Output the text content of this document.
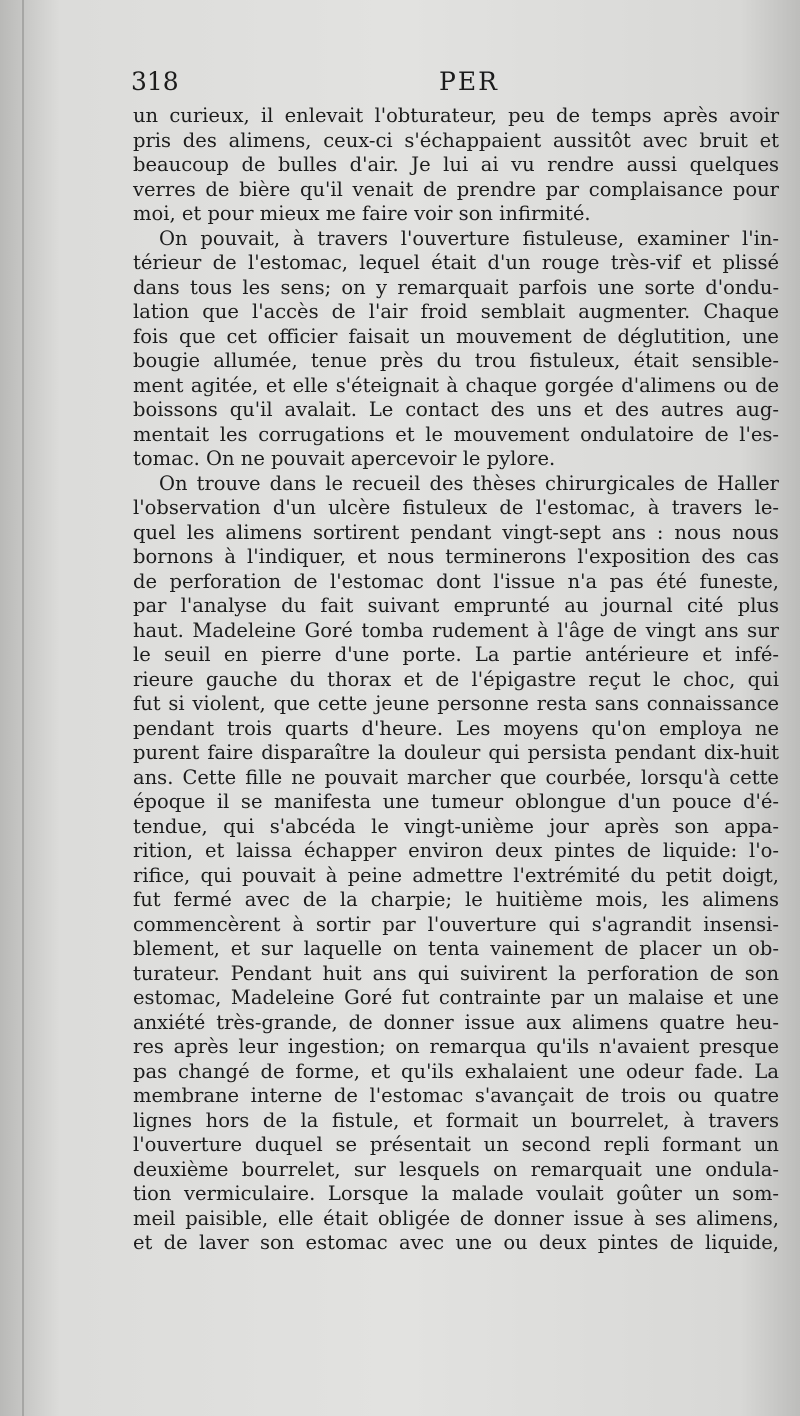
318	PER
un curieux, il enlevait l'obturateur, peu de temps après avoir
pris des alimens, ceux-ci s'échappaient aussitôt avec bruit et
beaucoup de bulles d'air. Je lui ai vu rendre aussi quelques
verres de bière qu'il venait de prendre par complaisance pour
moi, et pour mieux me faire voir son infirmité.
On pouvait, à travers l'ouverture fistuleuse, examiner l'in-
térieur de l'estomac, lequel était d'un rouge très-vif et plissé
dans tous les sens; on y remarquait parfois une sorte d'ondu-
lation que l'accès de l'air froid semblait augmenter. Chaque
fois que cet officier faisait un mouvement de déglutition, une
bougie allumée, tenue près du trou fistuleux, était sensible-
ment agitée, et elle s'éteignait à chaque gorgée d'alimens ou de
boissons qu'il avalait. Le contact des uns et des autres aug-
mentait les corrugations et le mouvement ondulatoire de l'es-
tomac. On ne pouvait apercevoir le pylore.
On trouve dans le recueil des thèses chirurgicales de Haller
l'observation d'un ulcère fistuleux de l'estomac, à travers le-
quel les alimens sortirent pendant vingt-sept ans : nous nous
bornons à l'indiquer, et nous terminerons l'exposition des cas
de perforation de l'estomac dont l'issue n'a pas été funeste,
par l'analyse du fait suivant emprunté au journal cité plus
haut. Madeleine Goré tomba rudement à l'âge de vingt ans sur
le seuil en pierre d'une porte. La partie antérieure et infé-
rieure gauche du thorax et de l'épigastre reçut le choc, qui
fut si violent, que cette jeune personne resta sans connaissance
pendant trois quarts d'heure. Les moyens qu'on employa ne
purent faire disparaître la douleur qui persista pendant dix-huit
ans. Cette fille ne pouvait marcher que courbée, lorsqu'à cette
époque il se manifesta une tumeur oblongue d'un pouce d'é-
tendue, qui s'abcéda le vingt-unième jour après son appa-
rition, et laissa échapper environ deux pintes de liquide: l'o-
rifice, qui pouvait à peine admettre l'extrémité du petit doigt,
fut fermé avec de la charpie; le huitième mois, les alimens
commencèrent à sortir par l'ouverture qui s'agrandit insensi-
blement, et sur laquelle on tenta vainement de placer un ob-
turateur. Pendant huit ans qui suivirent la perforation de son
estomac, Madeleine Goré fut contrainte par un malaise et une
anxiété très-grande, de donner issue aux alimens quatre heu-
res après leur ingestion; on remarqua qu'ils n'avaient presque
pas changé de forme, et qu'ils exhalaient une odeur fade. La
membrane interne de l'estomac s'avançait de trois ou quatre
lignes hors de la fistule, et formait un bourrelet, à travers
l'ouverture duquel se présentait un second repli formant un
deuxième bourrelet, sur lesquels on remarquait une ondula-
tion vermiculaire. Lorsque la malade voulait goûter un som-
meil paisible, elle était obligée de donner issue à ses alimens,
et de laver son estomac avec une ou deux pintes de liquide,
